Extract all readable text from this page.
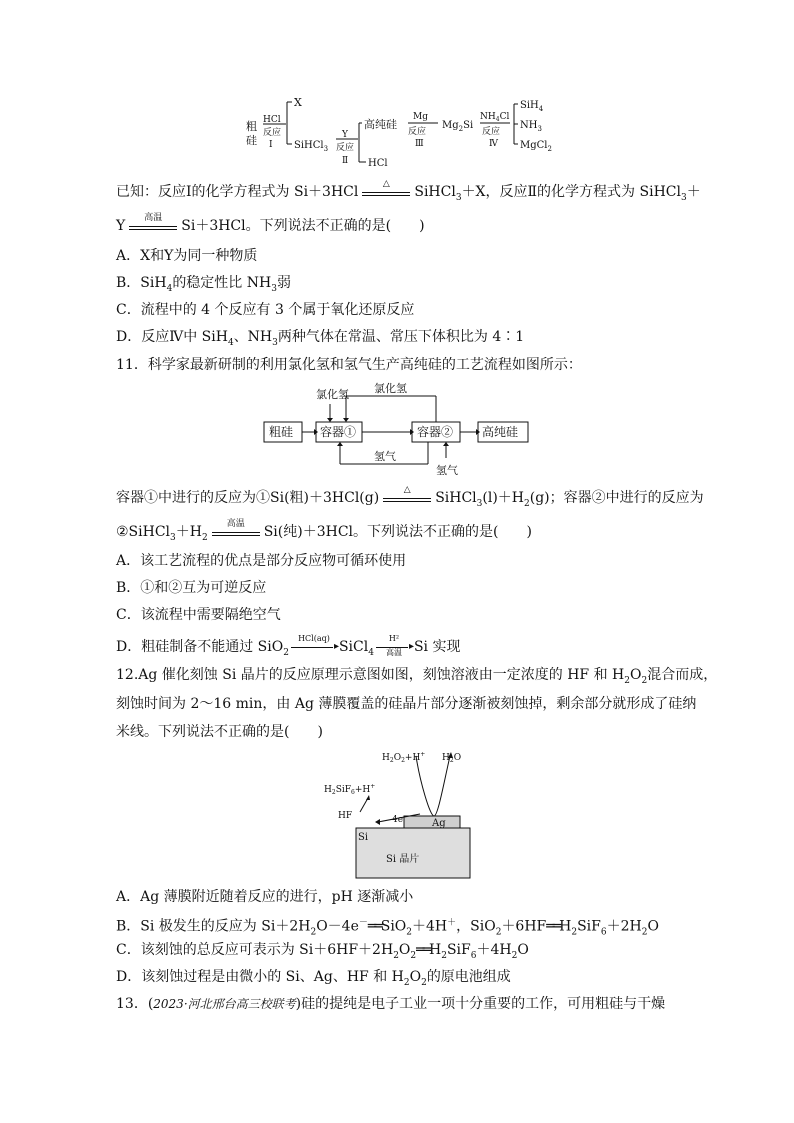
粗
硅
HCl
反应
Ⅰ
X
SiHCl$_3$
Y
反应
Ⅱ
高纯硅
HCl
Mg
反应
Ⅲ
$Mg_2Si$
$NH_4Cl$
反应
Ⅳ
SiH$_4$
$NH_3$
MgCl$_2$
已知：反应Ⅰ的化学方程式为 Si＋3HCl	△	SiHCl$_3$＋X，反应Ⅱ的化学方程式为 SiHCl$_3$＋
Y	高温	Si＋3HCl。下列说法不正确的是(　　)
A．X和Y为同一种物质
B．SiH$_4$的稳定性比 $NH_3$弱
C．流程中的 4 个反应有 3 个属于氧化还原反应
D．反应Ⅳ中 SiH$_4$、$NH_3$两种气体在常温、常压下体积比为 4∶1
11．科学家最新研制的利用氯化氢和氢气生产高纯硅的工艺流程如图所示：
氯化氢 氯化氢
粗硅 容器①	容器② 高纯硅
氢气
氢气
容器①中进行的反应为①Si(粗)＋3HCl(g)	△	$SiHCl_3(l)+H_2(g)$；容器②中进行的反应为
$②SiHCl_3+H_2$
高温	Si(纯)＋3HCl。下列说法不正确的是(　　)
A．该工艺流程的优点是部分反应物可循环使用
B．①和②互为可逆反应
C．该流程中需要隔绝空气
D．粗硅制备不能通过 SiO$_2$
HCl(aq)
▸ SiCl$_4$
H²
▸
高温 Si 实现
12.Ag 催化刻蚀 Si 晶片的反应原理示意图如图，刻蚀溶液由一定浓度的 HF 和 $H_2O_2$混合而成，
刻蚀时间为 2～16 min，由 Ag 薄膜覆盖的硅晶片部分逐渐被刻蚀掉，剩余部分就形成了硅纳
米线。下列说法不正确的是(　　)
$H_2O_2+H^+$ $H_2O$
$H_2SiF_6+H^+$
HF	4e−
Ag
Si
Si 晶片
A．Ag 薄膜附近随着反应的进行，pH 逐渐减小
B．Si 极发生的反应为 $Si+2H_2O-4e^-══SiO_2+4H^+$，$SiO_2+6HF══H_2SiF_6+2H_2O$
C．该刻蚀的总反应可表示为 $Si+6HF+2H_2O_2══H_2SiF_6+4H_2O$
D．该刻蚀过程是由微小的 Si、Ag、HF 和 $H_2O_2$的原电池组成
13．(2023·河北邢台高三校联考)硅的提纯是电子工业一项十分重要的工作，可用粗硅与干燥
